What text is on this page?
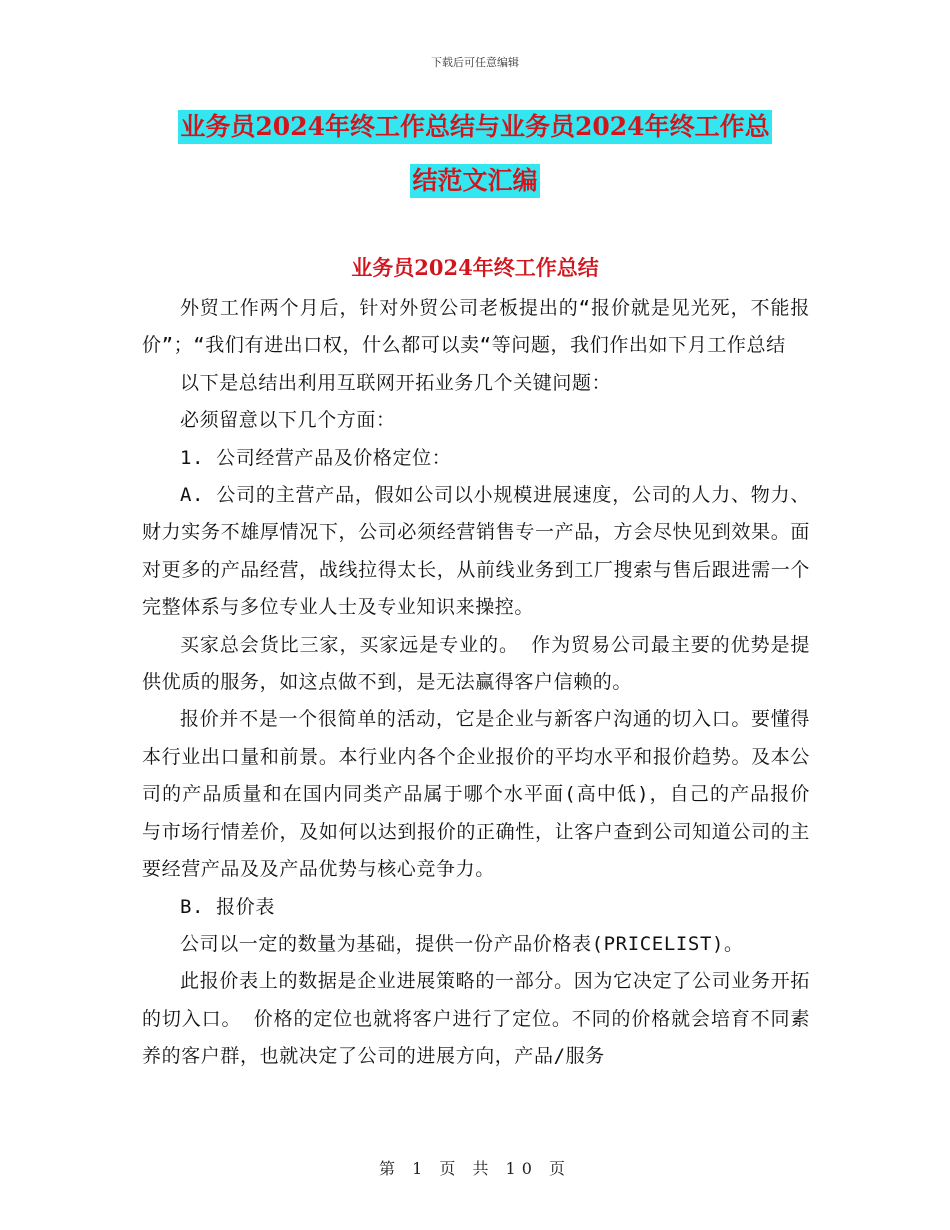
下载后可任意编辑
业务员2024年终工作总结与业务员2024年终工作总
结范文汇编
业务员2024年终工作总结

外贸工作两个月后，针对外贸公司老板提出的“报价就是见光死，不能报价”；“我们有进出口权，什么都可以卖“等问题，我们作出如下月工作总结

以下是总结出利用互联网开拓业务几个关键问题：

必须留意以下几个方面：

1. 公司经营产品及价格定位：

A. 公司的主营产品，假如公司以小规模进展速度，公司的人力、物力、财力实务不雄厚情况下，公司必须经营销售专一产品，方会尽快见到效果。面对更多的产品经营，战线拉得太长，从前线业务到工厂搜索与售后跟进需一个完整体系与多位专业人士及专业知识来操控。

买家总会货比三家，买家远是专业的。 作为贸易公司最主要的优势是提供优质的服务，如这点做不到，是无法赢得客户信赖的。

报价并不是一个很简单的活动，它是企业与新客户沟通的切入口。要懂得本行业出口量和前景。本行业内各个企业报价的平均水平和报价趋势。及本公司的产品质量和在国内同类产品属于哪个水平面(高中低)，自己的产品报价与市场行情差价，及如何以达到报价的正确性，让客户查到公司知道公司的主要经营产品及及产品优势与核心竞争力。

B. 报价表

公司以一定的数量为基础，提供一份产品价格表(PRICELIST)。

此报价表上的数据是企业进展策略的一部分。因为它决定了公司业务开拓的切入口。 价格的定位也就将客户进行了定位。不同的价格就会培育不同素养的客户群，也就决定了公司的进展方向，产品/服务

第 1 页 共 10 页
